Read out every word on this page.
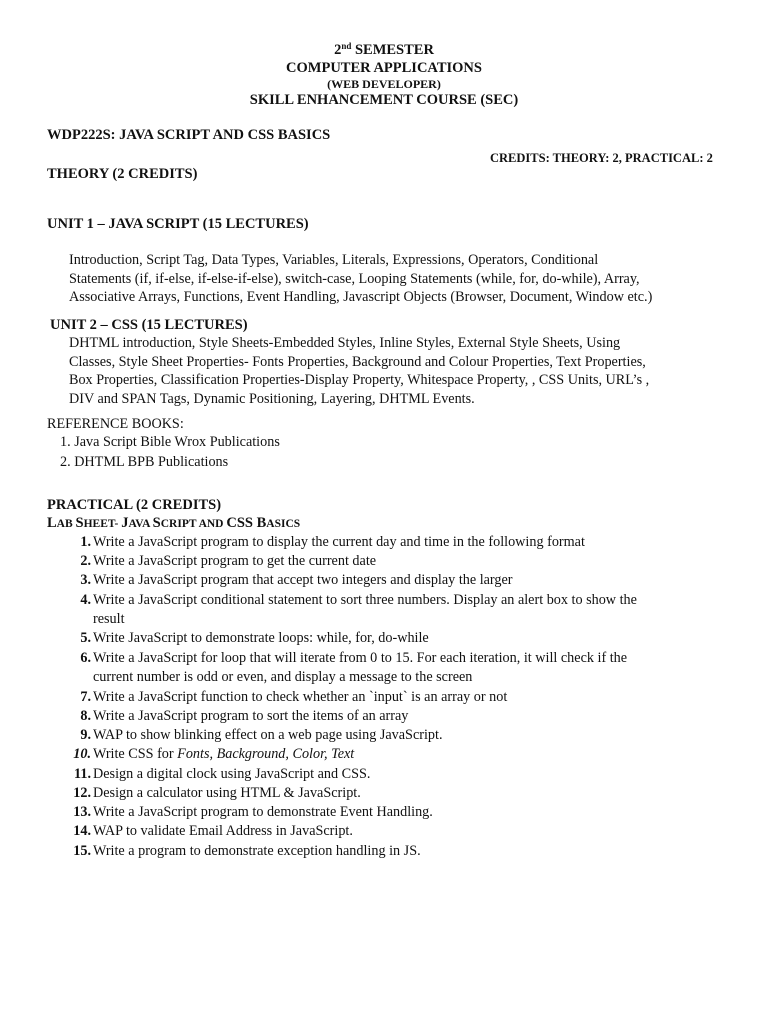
2nd SEMESTER
COMPUTER APPLICATIONS
(WEB DEVELOPER)
SKILL ENHANCEMENT COURSE (SEC)
WDP222S: JAVA SCRIPT AND CSS BASICS
CREDITS: THEORY: 2, PRACTICAL: 2
THEORY (2 CREDITS)
UNIT 1 – JAVA SCRIPT (15 LECTURES)
Introduction, Script Tag, Data Types, Variables, Literals, Expressions, Operators, Conditional
Statements (if, if-else, if-else-if-else), switch-case, Looping Statements (while, for, do-while), Array,
Associative Arrays, Functions, Event Handling, Javascript Objects (Browser, Document, Window etc.)
UNIT 2 – CSS (15 LECTURES)
DHTML introduction, Style Sheets-Embedded Styles, Inline Styles, External Style Sheets, Using
Classes, Style Sheet Properties- Fonts Properties, Background and Colour Properties, Text Properties,
Box Properties, Classification Properties-Display Property, Whitespace Property, , CSS Units, URL’s ,
DIV and SPAN Tags, Dynamic Positioning, Layering, DHTML Events.
REFERENCE BOOKS:
1. Java Script Bible Wrox Publications
2. DHTML BPB Publications
PRACTICAL (2 CREDITS)
LAB SHEET- JAVA SCRIPT AND CSS BASICS
1. Write a JavaScript program to display the current day and time in the following format
2. Write a JavaScript program to get the current date
3. Write a JavaScript program that accept two integers and display the larger
4. Write a JavaScript conditional statement to sort three numbers. Display an alert box to show the
result
5. Write JavaScript to demonstrate loops: while, for, do-while
6. Write a JavaScript for loop that will iterate from 0 to 15. For each iteration, it will check if the
current number is odd or even, and display a message to the screen
7. Write a JavaScript function to check whether an `input` is an array or not
8. Write a JavaScript program to sort the items of an array
9. WAP to show blinking effect on a web page using JavaScript.
10. Write CSS for Fonts, Background, Color, Text
11. Design a digital clock using JavaScript and CSS.
12. Design a calculator using HTML & JavaScript.
13. Write a JavaScript program to demonstrate Event Handling.
14. WAP to validate Email Address in JavaScript.
15. Write a program to demonstrate exception handling in JS.
